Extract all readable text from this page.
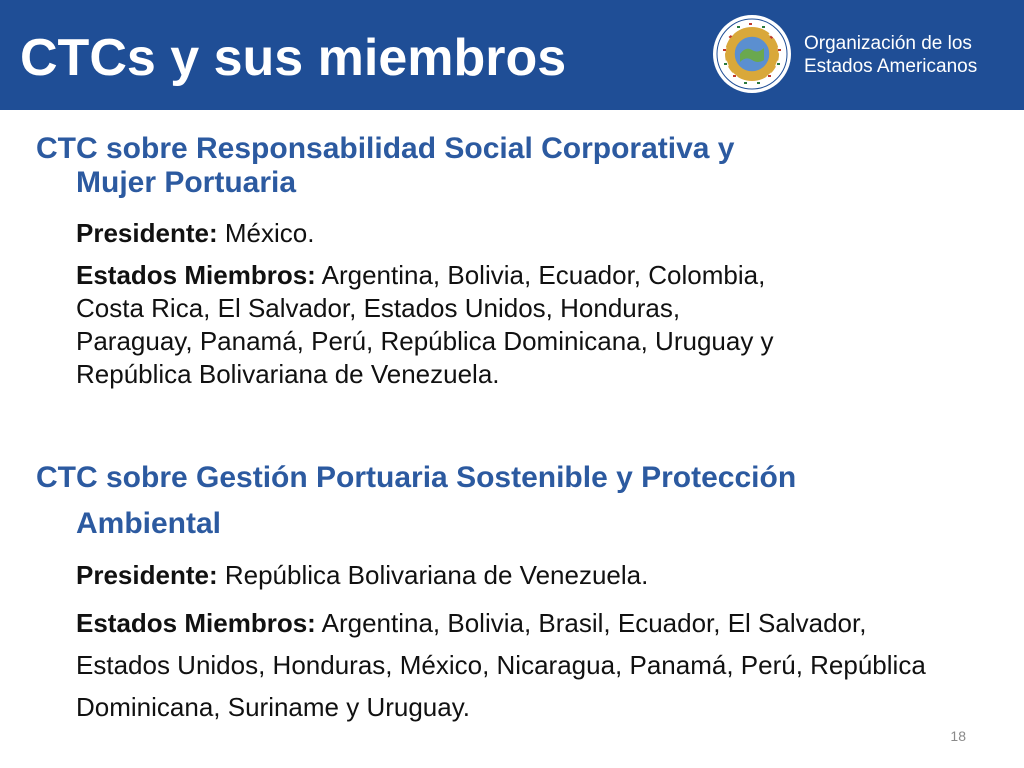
CTCs y sus miembros	Organización de los
Estados Americanos
CTC sobre Responsabilidad Social Corporativa y
Mujer Portuaria
Presidente: México.
Estados Miembros: Argentina, Bolivia, Ecuador, Colombia, Costa Rica, El Salvador, Estados Unidos, Honduras, Paraguay, Panamá, Perú, República Dominicana, Uruguay y República Bolivariana de Venezuela.
CTC sobre Gestión Portuaria Sostenible y Protección
Ambiental
Presidente: República Bolivariana de Venezuela.
Estados Miembros: Argentina, Bolivia, Brasil, Ecuador, El Salvador, Estados Unidos, Honduras, México, Nicaragua, Panamá, Perú, República Dominicana, Suriname y Uruguay.
18
